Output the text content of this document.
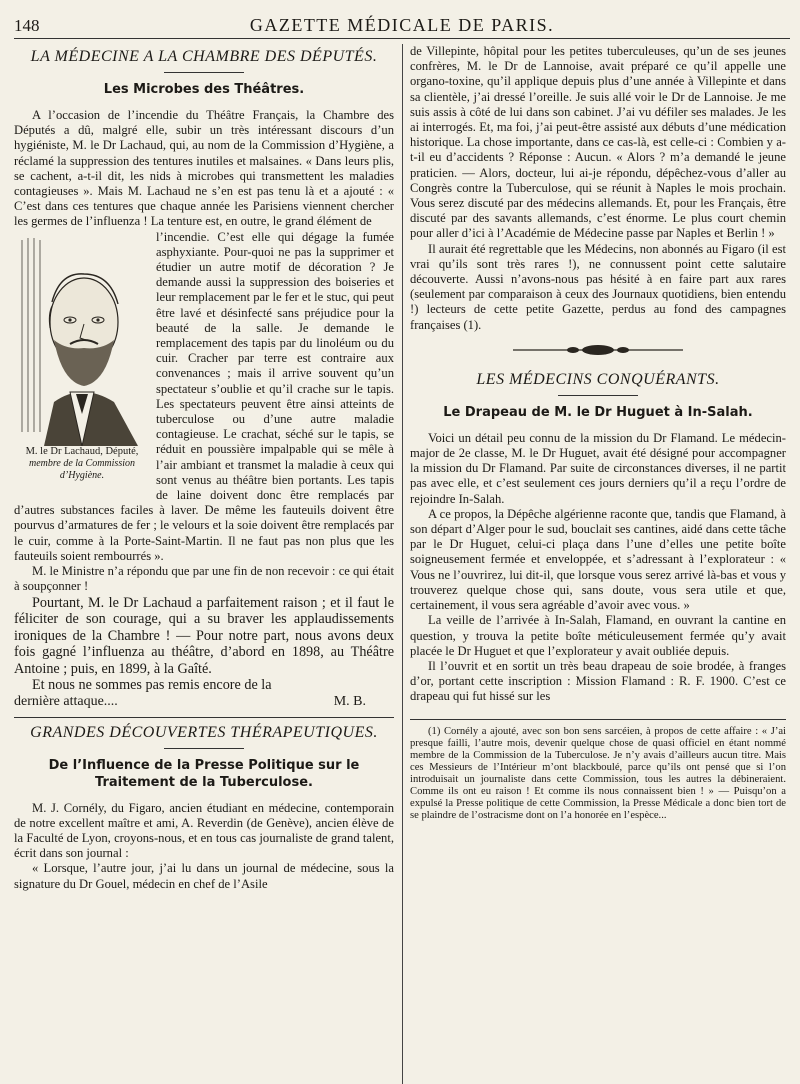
148	GAZETTE MÉDICALE DE PARIS.
LA MÉDECINE A LA CHAMBRE DES DÉPUTÉS.
Les Microbes des Théâtres.

A l’occasion de l’incendie du Théâtre Français, la Chambre des Députés a dû, malgré elle, subir un très intéressant discours d’un hygiéniste, M. le Dr Lachaud, qui, au nom de la Commission d’Hygiène, a réclamé la suppression des tentures inutiles et malsaines. « Dans leurs plis, se cachent, a-t-il dit, les nids à microbes qui transmettent les maladies contagieuses ». Mais M. Lachaud ne s’en est pas tenu là et a ajouté : « C’est dans ces tentures que chaque année les Parisiens viennent chercher les germes de l’influenza ! La tenture est, en outre, le grand élément de

M. le Dr Lachaud, Député,
membre de la Commission
d’Hygiène.

l’incendie. C’est elle qui dégage la fumée asphyxiante. Pour-quoi ne pas la supprimer et étudier un autre motif de décoration ? Je demande aussi la suppression des boiseries et leur remplacement par le fer et le stuc, qui peut être lavé et désinfecté sans préjudice pour la beauté de la salle. Je demande le remplacement des tapis par du linoléum ou du cuir. Cracher par terre est contraire aux convenances ; mais il arrive souvent qu’un spectateur s’oublie et qu’il crache sur le tapis. Les spectateurs peuvent être ainsi atteints de tuberculose ou d’une autre maladie contagieuse. Le crachat, séché sur le tapis, se réduit en poussière impalpable qui se mêle à l’air ambiant et transmet la maladie à ceux qui sont venus au théâtre bien portants. Les tapis de laine doivent donc être remplacés par d’autres substances faciles à laver. De même les fauteuils doivent être pourvus d’armatures de fer ; le velours et la soie doivent être remplacés par le cuir, comme à la Porte-Saint-Martin. Il ne faut pas non plus que les fauteuils soient rembourrés ».

M. le Ministre n’a répondu que par une fin de non recevoir : ce qui était à soupçonner !

Pourtant, M. le Dr Lachaud a parfaitement raison ; et il faut le féliciter de son courage, qui a su braver les applaudissements ironiques de la Chambre ! — Pour notre part, nous avons deux fois gagné l’influenza au théâtre, d’abord en 1898, au Théâtre Antoine ; puis, en 1899, à la Gaîté.

Et nous ne sommes pas remis encore de la

dernière attaque....	M. B.
GRANDES DÉCOUVERTES THÉRAPEUTIQUES.
De l’Influence de la Presse Politique sur le
Traitement de la Tuberculose.

M. J. Cornély, du Figaro, ancien étudiant en médecine, contemporain de notre excellent maître et ami, A. Reverdin (de Genève), ancien élève de la Faculté de Lyon, croyons-nous, et en tous cas journaliste de grand talent, écrit dans son journal :

« Lorsque, l’autre jour, j’ai lu dans un journal de médecine, sous la signature du Dr Gouel, médecin en chef de l’Asile

de Villepinte, hôpital pour les petites tuberculeuses, qu’un de ses jeunes confrères, M. le Dr de Lannoise, avait préparé ce qu’il appelle une organo-toxine, qu’il applique depuis plus d’une année à Villepinte et dans sa clientèle, j’ai dressé l’oreille. Je suis allé voir le Dr de Lannoise. Je me suis assis à côté de lui dans son cabinet. J’ai vu défiler ses malades. Je les ai interrogés. Et, ma foi, j’ai peut-être assisté aux débuts d’une médication historique. La chose importante, dans ce cas-là, est celle-ci : Combien y a-t-il eu d’accidents ? Réponse : Aucun. « Alors ? m’a demandé le jeune praticien. — Alors, docteur, lui ai-je répondu, dépêchez-vous d’aller au Congrès contre la Tuberculose, qui se réunit à Naples le mois prochain. Vous serez discuté par des médecins allemands. Et, pour les Français, être discuté par des savants allemands, c’est énorme. Le plus court chemin pour aller d’ici à l’Académie de Médecine passe par Naples et Berlin ! »

Il aurait été regrettable que les Médecins, non abonnés au Figaro (il est vrai qu’ils sont très rares !), ne connussent point cette salutaire découverte. Aussi n’avons-nous pas hésité à en faire part aux rares (seulement par comparaison à ceux des Journaux quotidiens, bien entendu !) lecteurs de cette petite Gazette, perdus au fond des campagnes françaises (1).

LES MÉDECINS CONQUÉRANTS.
Le Drapeau de M. le Dr Huguet à In-Salah.

Voici un détail peu connu de la mission du Dr Flamand. Le médecin-major de 2e classe, M. le Dr Huguet, avait été désigné pour accompagner la mission du Dr Flamand. Par suite de circonstances diverses, il ne partit pas avec elle, et c’est seulement ces jours derniers qu’il a reçu l’ordre de rejoindre In-Salah.

A ce propos, la Dépêche algérienne raconte que, tandis que Flamand, à son départ d’Alger pour le sud, bouclait ses cantines, aidé dans cette tâche par le Dr Huguet, celui-ci plaça dans l’une d’elles une petite boîte soigneusement fermée et enveloppée, et s’adressant à l’explorateur : « Vous ne l’ouvrirez, lui dit-il, que lorsque vous serez arrivé là-bas et vous y trouverez quelque chose qui, sans doute, vous sera utile et que, certainement, il vous sera agréable d’avoir avec vous. »

La veille de l’arrivée à In-Salah, Flamand, en ouvrant la cantine en question, y trouva la petite boîte méticuleusement fermée qu’y avait placée le Dr Huguet et que l’explorateur y avait oubliée depuis.

Il l’ouvrit et en sortit un très beau drapeau de soie brodée, à franges d’or, portant cette inscription : Mission Flamand : R. F. 1900. C’est ce drapeau qui fut hissé sur les

(1) Cornély a ajouté, avec son bon sens sarcéien, à propos de cette affaire : « J’ai presque failli, l’autre mois, devenir quelque chose de quasi officiel en étant nommé membre de la Commission de la Tuberculose. Je n’y avais d’ailleurs aucun titre. Mais ces Messieurs de l’Intérieur m’ont blackboulé, parce qu’ils ont pensé que si l’on introduisait un journaliste dans cette Commission, tous les autres la débineraient. Comme ils ont eu raison ! Et comme ils nous connaissent bien ! » — Puisqu’on a expulsé la Presse politique de cette Commission, la Presse Médicale a donc bien tort de se plaindre de l’ostracisme dont on l’a honorée en l’espèce...
